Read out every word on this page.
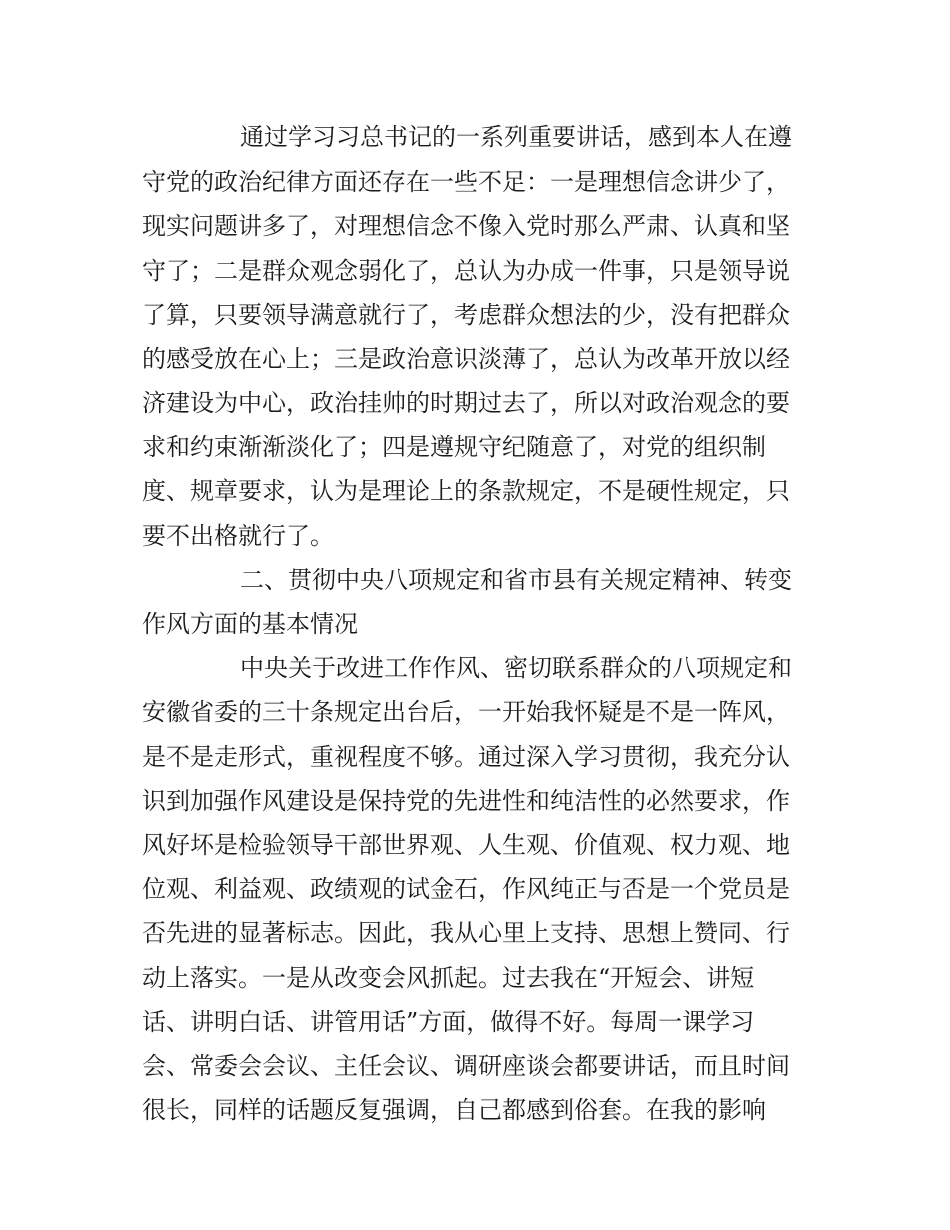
通过学习习总书记的一系列重要讲话，感到本人在遵
守党的政治纪律方面还存在一些不足：一是理想信念讲少了，
现实问题讲多了，对理想信念不像入党时那么严肃、认真和坚
守了；二是群众观念弱化了，总认为办成一件事，只是领导说
了算，只要领导满意就行了，考虑群众想法的少，没有把群众
的感受放在心上；三是政治意识淡薄了，总认为改革开放以经
济建设为中心，政治挂帅的时期过去了，所以对政治观念的要
求和约束渐渐淡化了；四是遵规守纪随意了，对党的组织制
度、规章要求，认为是理论上的条款规定，不是硬性规定，只
要不出格就行了。
二、贯彻中央八项规定和省市县有关规定精神、转变
作风方面的基本情况
中央关于改进工作作风、密切联系群众的八项规定和
安徽省委的三十条规定出台后，一开始我怀疑是不是一阵风，
是不是走形式，重视程度不够。通过深入学习贯彻，我充分认
识到加强作风建设是保持党的先进性和纯洁性的必然要求，作
风好坏是检验领导干部世界观、人生观、价值观、权力观、地
位观、利益观、政绩观的试金石，作风纯正与否是一个党员是
否先进的显著标志。因此，我从心里上支持、思想上赞同、行
动上落实。一是从改变会风抓起。过去我在“开短会、讲短
话、讲明白话、讲管用话”方面，做得不好。每周一课学习
会、常委会会议、主任会议、调研座谈会都要讲话，而且时间
很长，同样的话题反复强调，自己都感到俗套。在我的影响
